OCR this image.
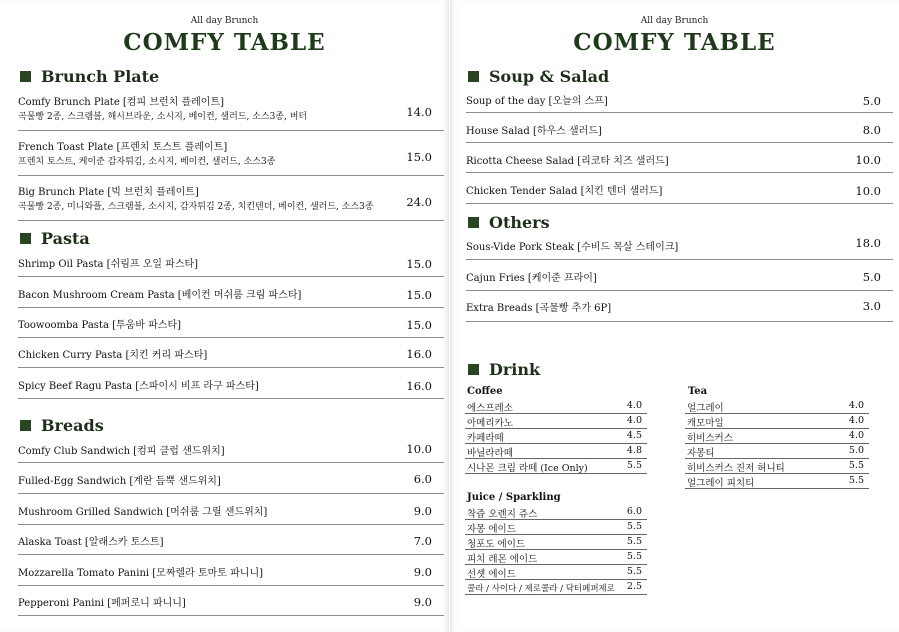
All day Brunch
COMFY TABLE
Brunch Plate
Comfy Brunch Plate [컴피 브런치 플레이트]
곡물빵 2종, 스크램블, 해시브라운, 소시지, 베이컨, 샐러드, 소스3종, 버터	14.0
French Toast Plate [프렌치 토스트 플레이트]
프렌치 토스트, 케이준 감자튀김, 소시지, 베이컨, 샐러드, 소스3종	15.0
Big Brunch Plate [빅 브런치 플레이트]
곡물빵 2종, 미니와플, 스크램블, 소시지, 감자튀김 2종, 치킨텐더, 베이컨, 샐러드, 소스3종	24.0
Pasta
Shrimp Oil Pasta [쉬림프 오일 파스타]	15.0
Bacon Mushroom Cream Pasta [베이컨 머쉬룸 크림 파스타]	15.0
Toowoomba Pasta [투움바 파스타]	15.0
Chicken Curry Pasta [치킨 커리 파스타]	16.0
Spicy Beef Ragu Pasta [스파이시 비프 라구 파스타]	16.0
Breads
Comfy Club Sandwich [컴피 클럽 샌드위치]	10.0
Fulled-Egg Sandwich [계란 듬뿍 샌드위치]	6.0
Mushroom Grilled Sandwich [머쉬룸 그릴 샌드위치]	9.0
Alaska Toast [알래스카 토스트]	7.0
Mozzarella Tomato Panini [모짜렐라 토마토 파니니]	9.0
Pepperoni Panini [페퍼로니 파니니]	9.0
All day Brunch
COMFY TABLE
Soup & Salad
Soup of the day [오늘의 스프]	5.0
House Salad [하우스 샐러드]	8.0
Ricotta Cheese Salad [리코타 치즈 샐러드]	10.0
Chicken Tender Salad [치킨 텐더 샐러드]	10.0
Others
Sous-Vide Pork Steak [수비드 목살 스테이크]	18.0
Cajun Fries [케이준 프라이]	5.0
Extra Breads [곡물빵 추가 6P]	3.0
Drink
Coffee
에스프레소	4.0
아메리카노	4.0
카페라떼	4.5
바닐라라떼	4.8
시나몬 크림 라떼 (Ice Only)	5.5
Tea
얼그레이	4.0
캐모마일	4.0
히비스커스	4.0
자몽티	5.0
히비스커스 진저 허니티	5.5
얼그레이 피치티	5.5
Juice / Sparkling
착즙 오렌지 쥬스	6.0
자몽 에이드	5.5
청포도 에이드	5.5
피치 레몬 에이드	5.5
선셋 에이드	5.5
콜라 / 사이다 / 제로콜라 / 닥터페퍼제로 2.5
